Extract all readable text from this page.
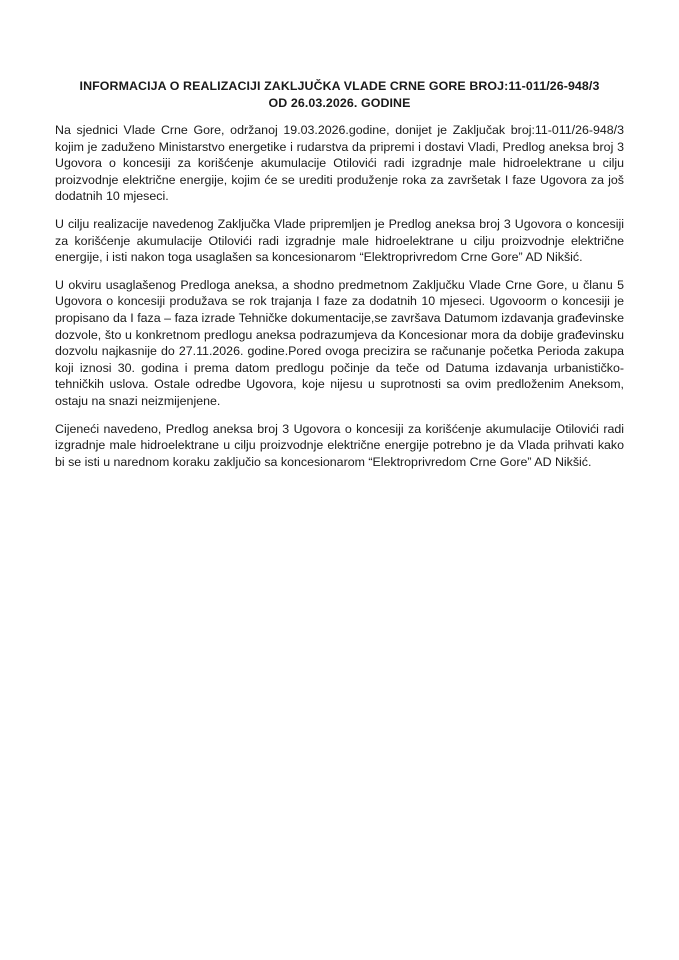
INFORMACIJA O REALIZACIJI ZAKLJUČKA VLADE CRNE GORE BROJ:11-011/26-948/3
OD 26.03.2026. GODINE

Na sjednici Vlade Crne Gore, održanoj 19.03.2026.godine, donijet je Zaključak broj:11-011/26-948/3 kojim je zaduženo Ministarstvo energetike i rudarstva da pripremi i dostavi Vladi, Predlog aneksa broj 3 Ugovora o koncesiji za korišćenje akumulacije Otilovići radi izgradnje male hidroelektrane u cilju proizvodnje električne energije, kojim će se urediti produženje roka za završetak I faze Ugovora za još dodatnih 10 mjeseci.

U cilju realizacije navedenog Zaključka Vlade pripremljen je Predlog aneksa broj 3 Ugovora o koncesiji za korišćenje akumulacije Otilovići radi izgradnje male hidroelektrane u cilju proizvodnje električne energije, i isti nakon toga usaglašen sa koncesionarom “Elektroprivredom Crne Gore” AD Nikšić.

U okviru usaglašenog Predloga aneksa, a shodno predmetnom Zaključku Vlade Crne Gore, u članu 5 Ugovora o koncesiji produžava se rok trajanja I faze za dodatnih 10 mjeseci. Ugovoorm o koncesiji je propisano da I faza – faza izrade Tehničke dokumentacije,se završava Datumom izdavanja građevinske dozvole, što u konkretnom predlogu aneksa podrazumjeva da Koncesionar mora da dobije građevinsku dozvolu najkasnije do 27.11.2026. godine.Pored ovoga precizira se računanje početka Perioda zakupa koji iznosi 30. godina i prema datom predlogu počinje da teče od Datuma izdavanja urbanističko-tehničkih uslova. Ostale odredbe Ugovora, koje nijesu u suprotnosti sa ovim predloženim Aneksom, ostaju na snazi neizmijenjene.

Cijeneći navedeno, Predlog aneksa broj 3 Ugovora o koncesiji za korišćenje akumulacije Otilovići radi izgradnje male hidroelektrane u cilju proizvodnje električne energije potrebno je da Vlada prihvati kako bi se isti u narednom koraku zaključio sa koncesionarom “Elektroprivredom Crne Gore” AD Nikšić.
